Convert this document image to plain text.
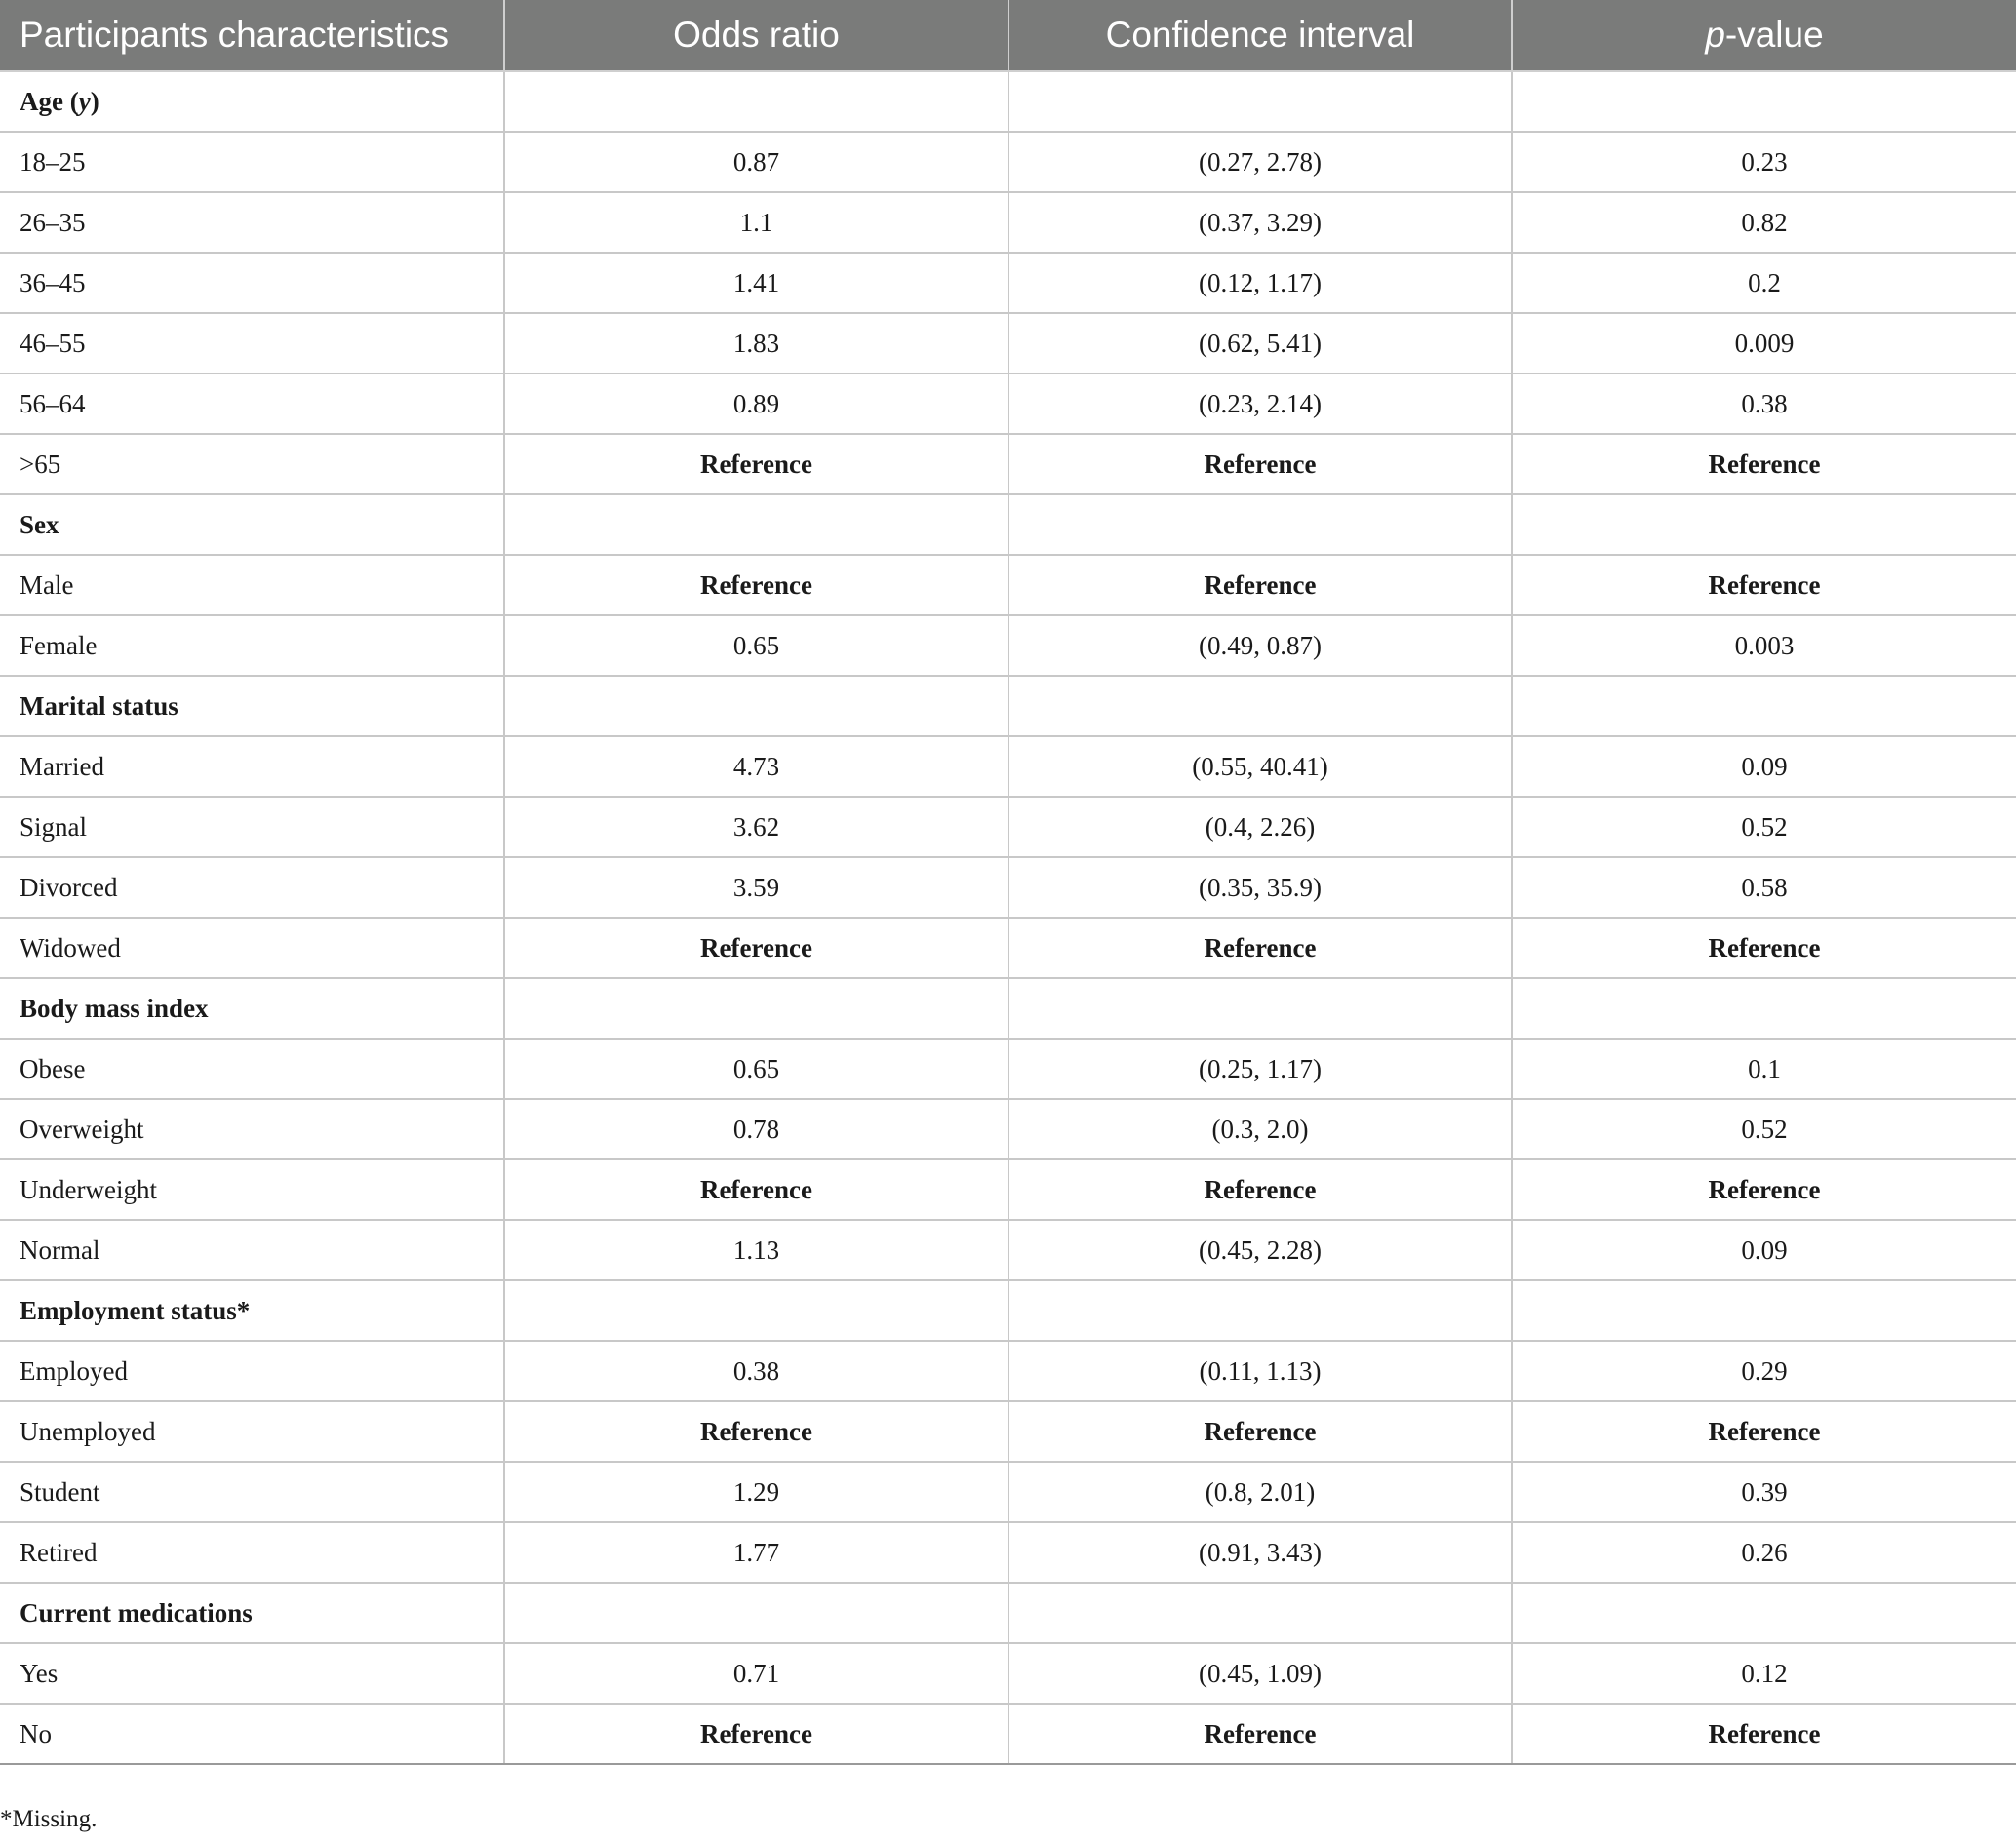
Participants characteristics	Odds ratio	Confidence interval	p-value
Age (y)			
18–25	0.87	(0.27, 2.78)	0.23
26–35	1.1	(0.37, 3.29)	0.82
36–45	1.41	(0.12, 1.17)	0.2
46–55	1.83	(0.62, 5.41)	0.009
56–64	0.89	(0.23, 2.14)	0.38
>65	Reference	Reference	Reference
Sex			
Male	Reference	Reference	Reference
Female	0.65	(0.49, 0.87)	0.003
Marital status			
Married	4.73	(0.55, 40.41)	0.09
Signal	3.62	(0.4, 2.26)	0.52
Divorced	3.59	(0.35, 35.9)	0.58
Widowed	Reference	Reference	Reference
Body mass index			
Obese	0.65	(0.25, 1.17)	0.1
Overweight	0.78	(0.3, 2.0)	0.52
Underweight	Reference	Reference	Reference
Normal	1.13	(0.45, 2.28)	0.09
Employment status*			
Employed	0.38	(0.11, 1.13)	0.29
Unemployed	Reference	Reference	Reference
Student	1.29	(0.8, 2.01)	0.39
Retired	1.77	(0.91, 3.43)	0.26
Current medications			
Yes	0.71	(0.45, 1.09)	0.12
No	Reference	Reference	Reference
*Missing.
